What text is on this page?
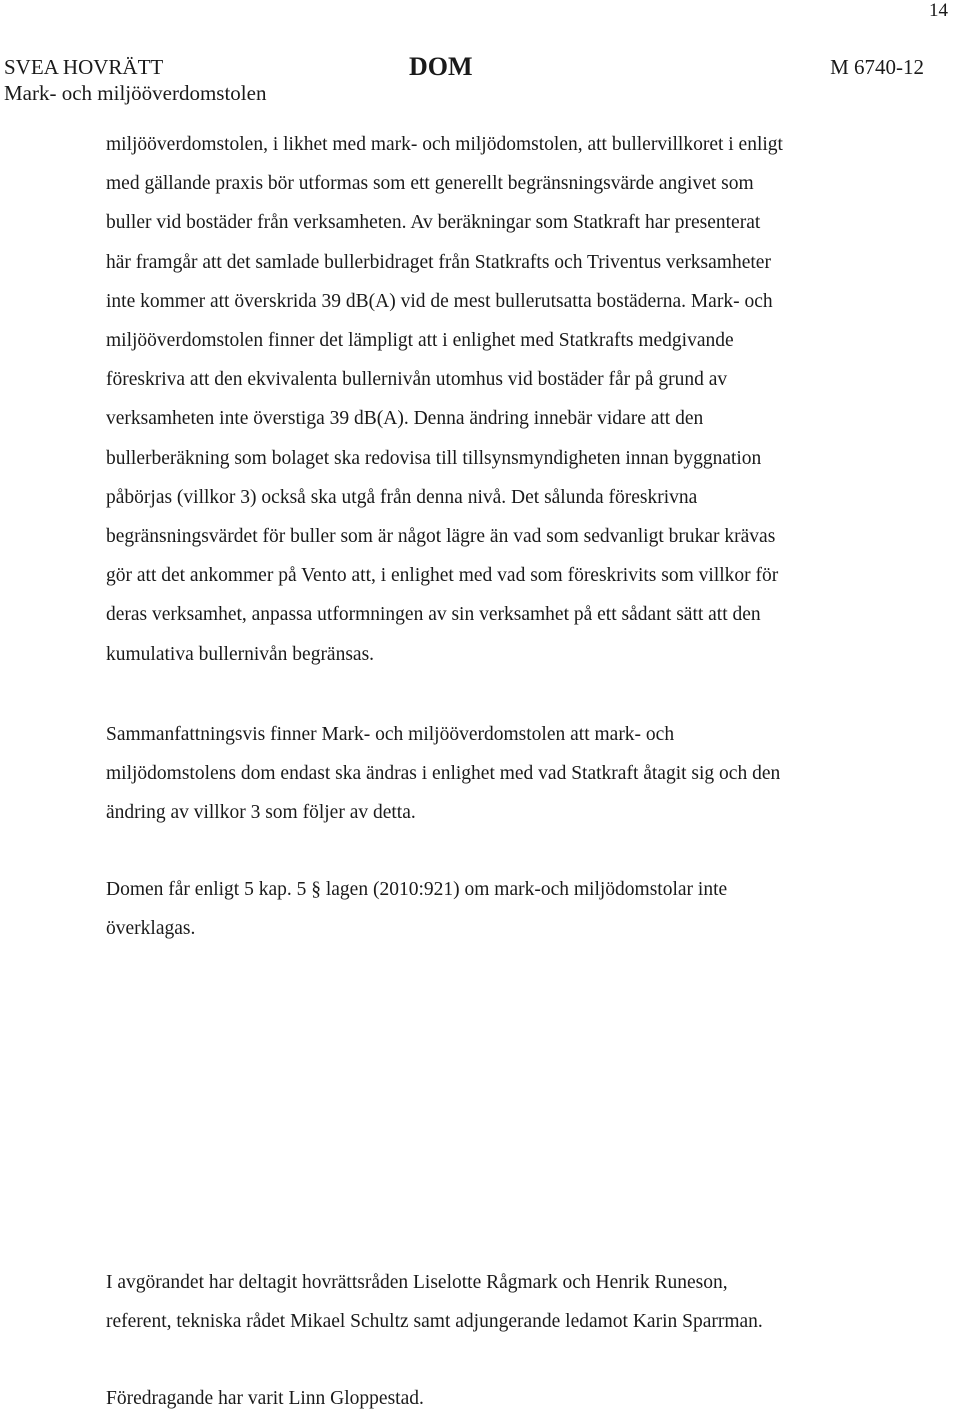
14
SVEA HOVRÄTT
Mark- och miljööverdomstolen
DOM	M 6740-12

miljööverdomstolen, i likhet med mark- och miljödomstolen, att bullervillkoret i enligt
med gällande praxis bör utformas som ett generellt begränsningsvärde angivet som
buller vid bostäder från verksamheten. Av beräkningar som Statkraft har presenterat
här framgår att det samlade bullerbidraget från Statkrafts och Triventus verksamheter
inte kommer att överskrida 39 dB(A) vid de mest bullerutsatta bostäderna. Mark- och
miljööverdomstolen finner det lämpligt att i enlighet med Statkrafts medgivande
föreskriva att den ekvivalenta bullernivån utomhus vid bostäder får på grund av
verksamheten inte överstiga 39 dB(A). Denna ändring innebär vidare att den
bullerberäkning som bolaget ska redovisa till tillsynsmyndigheten innan byggnation
påbörjas (villkor 3) också ska utgå från denna nivå. Det sålunda föreskrivna
begränsningsvärdet för buller som är något lägre än vad som sedvanligt brukar krävas
gör att det ankommer på Vento att, i enlighet med vad som föreskrivits som villkor för
deras verksamhet, anpassa utformningen av sin verksamhet på ett sådant sätt att den
kumulativa bullernivån begränsas.

Sammanfattningsvis finner Mark- och miljööverdomstolen att mark- och
miljödomstolens dom endast ska ändras i enlighet med vad Statkraft åtagit sig och den
ändring av villkor 3 som följer av detta.

Domen får enligt 5 kap. 5 § lagen (2010:921) om mark-och miljödomstolar inte
överklagas.

I avgörandet har deltagit hovrättsråden Liselotte Rågmark och Henrik Runeson,
referent, tekniska rådet Mikael Schultz samt adjungerande ledamot Karin Sparrman.

Föredragande har varit Linn Gloppestad.
